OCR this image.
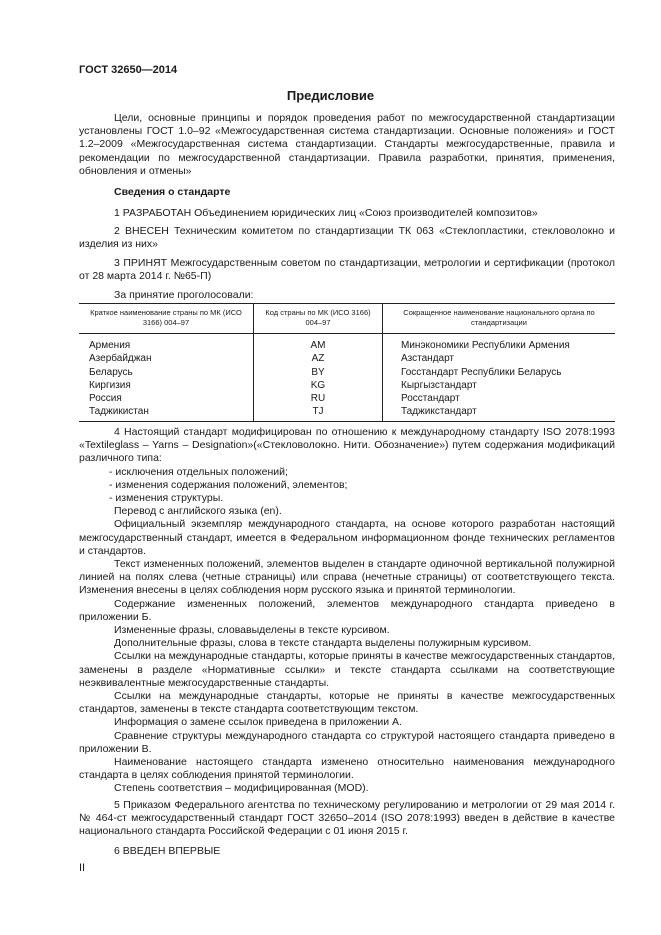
ГОСТ 32650—2014
Предисловие
Цели, основные принципы и порядок проведения работ по межгосударственной стандартизации установлены ГОСТ 1.0–92 «Межгосударственная система стандартизации. Основные положения» и ГОСТ 1.2–2009 «Межгосударственная система стандартизации. Стандарты межгосударственные, правила и рекомендации по межгосударственной стандартизации. Правила разработки, принятия, применения, обновления и отмены»
Сведения о стандарте
1 РАЗРАБОТАН Объединением юридических лиц «Союз производителей композитов»
2 ВНЕСЕН Техническим комитетом по стандартизации ТК 063 «Стеклопластики, стекловолокно и изделия из них»
3 ПРИНЯТ Межгосударственным советом по стандартизации, метрологии и сертификации (протокол от 28 марта 2014 г. №65-П)
За принятие проголосовали:
Краткое наименование страны по МК (ИСО 3166) 004–97	Код страны по МК (ИСО 3166) 004–97	Сокращенное наименование национального органа по стандартизации
Армения	AM	Минэкономики Республики Армения
Азербайджан	AZ	Азстандарт
Беларусь	BY	Госстандарт Республики Беларусь
Киргизия	KG	Кыргызстандарт
Россия	RU	Росстандарт
Таджикистан	TJ	Таджикстандарт
4 Настоящий стандарт модифицирован по отношению к международному стандарту ISO 2078:1993 «Textileglass – Yarns – Designation»(«Стекловолокно. Нити. Обозначение») путем содержания модификаций различного типа:
- исключения отдельных положений;
- изменения содержания положений, элементов;
- изменения структуры.
Перевод с английского языка (en).
Официальный экземпляр международного стандарта, на основе которого разработан настоящий межгосударственный стандарт, имеется в Федеральном информационном фонде технических регламентов и стандартов.
Текст измененных положений, элементов выделен в стандарте одиночной вертикальной полужирной линией на полях слева (четные страницы) или справа (нечетные страницы) от соответствующего текста. Изменения внесены в целях соблюдения норм русского языка и принятой терминологии.
Содержание измененных положений, элементов международного стандарта приведено в приложении Б.
Измененные фразы, словавыделены в тексте курсивом.
Дополнительные фразы, слова в тексте стандарта выделены полужирным курсивом.
Ссылки на международные стандарты, которые приняты в качестве межгосударственных стандартов, заменены в разделе «Нормативные ссылки» и тексте стандарта ссылками на соответствующие неэквивалентные межгосударственные стандарты.
Ссылки на международные стандарты, которые не приняты в качестве межгосударственных стандартов, заменены в тексте стандарта соответствующим текстом.
Информация о замене ссылок приведена в приложении А.
Сравнение структуры международного стандарта со структурой настоящего стандарта приведено в приложении В.
Наименование настоящего стандарта изменено относительно наименования международного стандарта в целях соблюдения принятой терминологии.
Степень соответствия – модифицированная (MOD).
5 Приказом Федерального агентства по техническому регулированию и метрологии от 29 мая 2014 г. № 464-ст межгосударственный стандарт ГОСТ 32650–2014 (ISO 2078:1993) введен в действие в качестве национального стандарта Российской Федерации с 01 июня 2015 г.
6 ВВЕДЕН ВПЕРВЫЕ
II
